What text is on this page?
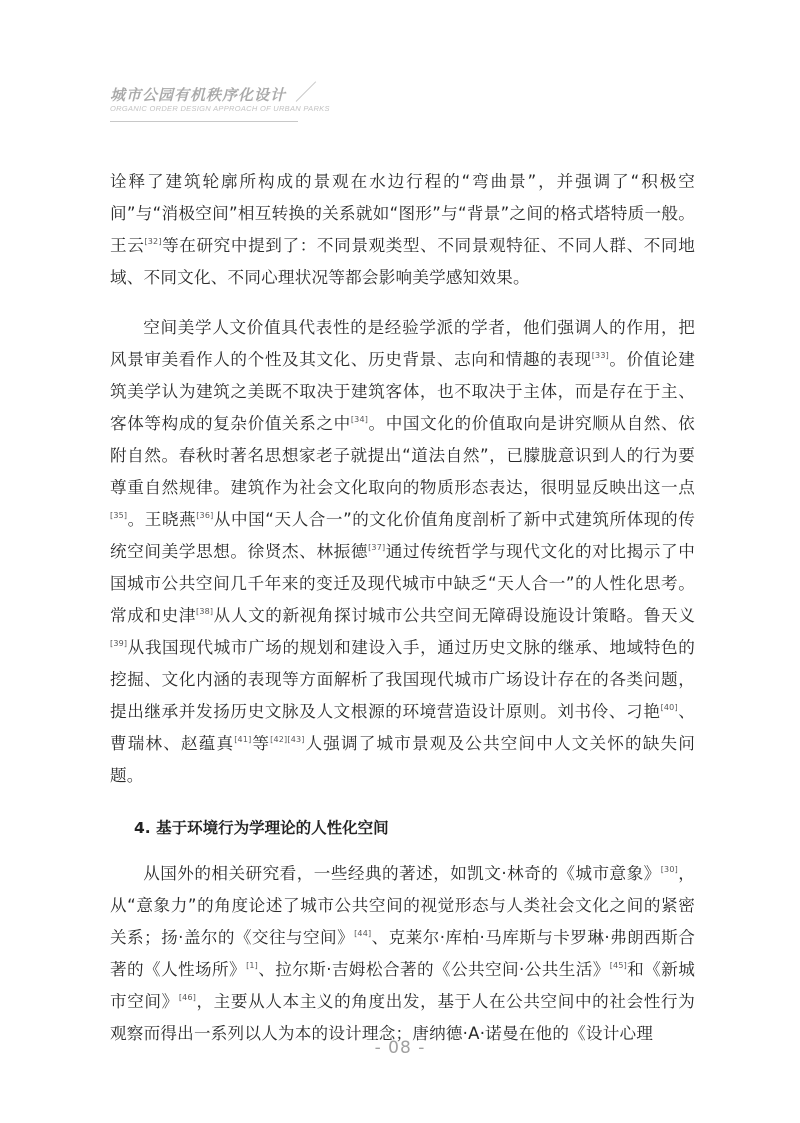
城市公园有机秩序化设计
ORGANIC ORDER DESIGN APPROACH OF URBAN PARKS

诠释了建筑轮廓所构成的景观在水边行程的“弯曲景”，并强调了“积极空间”与“消极空间”相互转换的关系就如“图形”与“背景”之间的格式塔特质一般。王云[32]等在研究中提到了：不同景观类型、不同景观特征、不同人群、不同地域、不同文化、不同心理状况等都会影响美学感知效果。

空间美学人文价值具代表性的是经验学派的学者，他们强调人的作用，把风景审美看作人的个性及其文化、历史背景、志向和情趣的表现[33]。价值论建筑美学认为建筑之美既不取决于建筑客体，也不取决于主体，而是存在于主、客体等构成的复杂价值关系之中[34]。中国文化的价值取向是讲究顺从自然、依附自然。春秋时著名思想家老子就提出“道法自然”，已朦胧意识到人的行为要尊重自然规律。建筑作为社会文化取向的物质形态表达，很明显反映出这一点[35]。王晓燕[36]从中国“天人合一”的文化价值角度剖析了新中式建筑所体现的传统空间美学思想。徐贤杰、林振德[37]通过传统哲学与现代文化的对比揭示了中国城市公共空间几千年来的变迁及现代城市中缺乏“天人合一”的人性化思考。常成和史津[38]从人文的新视角探讨城市公共空间无障碍设施设计策略。鲁天义[39]从我国现代城市广场的规划和建设入手，通过历史文脉的继承、地域特色的挖掘、文化内涵的表现等方面解析了我国现代城市广场设计存在的各类问题，提出继承并发扬历史文脉及人文根源的环境营造设计原则。刘书伶、刁艳[40]、曹瑞林、赵蕴真[41]等[42][43]人强调了城市景观及公共空间中人文关怀的缺失问题。

4. 基于环境行为学理论的人性化空间

从国外的相关研究看，一些经典的著述，如凯文·林奇的《城市意象》[30]，从“意象力”的角度论述了城市公共空间的视觉形态与人类社会文化之间的紧密关系；扬·盖尔的《交往与空间》[44]、克莱尔·库柏·马库斯与卡罗琳·弗朗西斯合著的《人性场所》[1]、拉尔斯·吉姆松合著的《公共空间·公共生活》[45]和《新城市空间》[46]，主要从人本主义的角度出发，基于人在公共空间中的社会性行为观察而得出一系列以人为本的设计理念；唐纳德·A·诺曼在他的《设计心理

- 08 -
